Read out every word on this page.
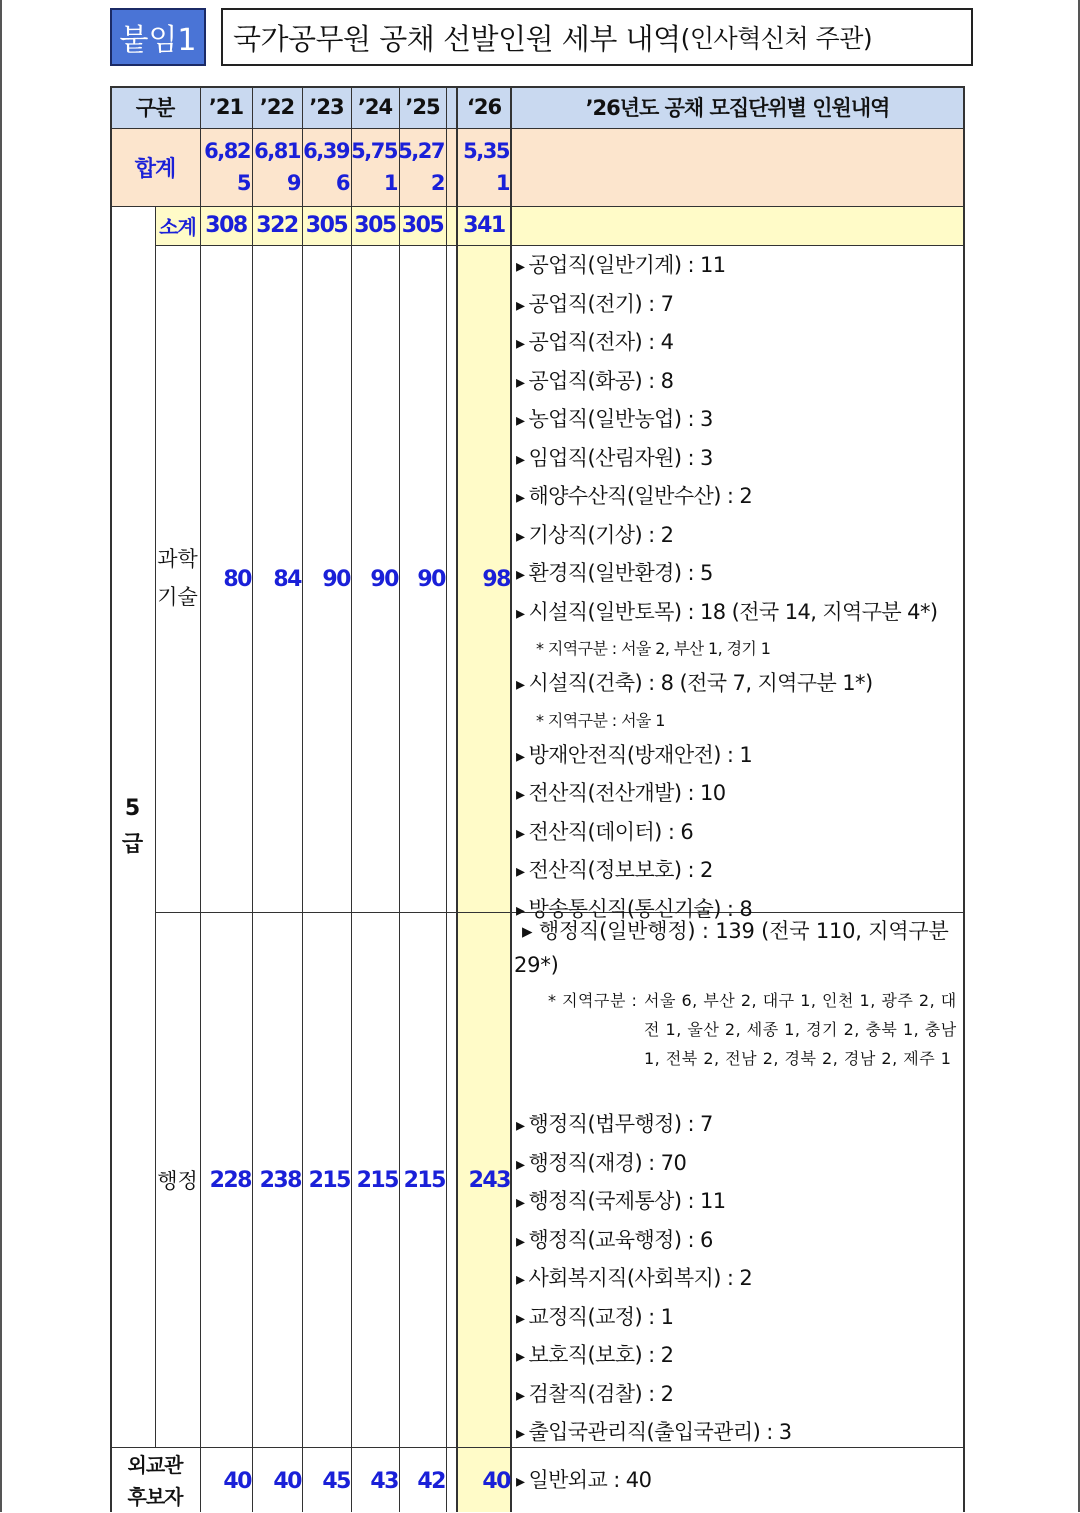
붙임1	국가공무원 공채 선발인원 세부 내역 (인사혁신처 주관)
구분	’21 ’22 ’23 ’24 ’25	‘26	’26년도 공채 모집단위별 인원내역
합계
6,82
5
6,81
9
6,39
6
5,75
1
5,27
2
5,35
1
5
급
소계 308 322 305 305 305 341
과학
기술
80	84 90 90 90	98
▸ 공업직(일반기계) : 11
▸ 공업직(전기) : 7
▸ 공업직(전자) : 4
▸ 공업직(화공) : 8
▸ 농업직(일반농업) : 3
▸ 임업직(산림자원) : 3
▸ 해양수산직(일반수산) : 2
▸ 기상직(기상) : 2
▸ 환경직(일반환경) : 5
▸ 시설직(일반토목) : 18 (전국 14, 지역구분 4*)
* 지역구분 : 서울 2, 부산 1, 경기 1
▸ 시설직(건축) : 8 (전국 7, 지역구분 1*)
* 지역구분 : 서울 1
▸ 방재안전직(방재안전) : 1
▸ 전산직(전산개발) : 10
▸ 전산직(데이터) : 6
▸ 전산직(정보보호) : 2
▸ 방송통신직(통신기술) : 8
행정 228 238 215 215 215	243
▸ 행정직(일반행정) : 139 (전국 110, 지역구분 29*)
* 지역구분 : 서울 6, 부산 2, 대구 1, 인천 1, 광주 2, 대전 1, 울산 2, 세종 1, 경기 2, 충북 1, 충남 1, 전북 2, 전남 2, 경북 2, 경남 2, 제주 1
▸ 행정직(법무행정) : 7
▸ 행정직(재경) : 70
▸ 행정직(국제통상) : 11
▸ 행정직(교육행정) : 6
▸ 사회복지직(사회복지) : 2
▸ 교정직(교정) : 1
▸ 보호직(보호) : 2
▸ 검찰직(검찰) : 2
▸ 출입국관리직(출입국관리) : 3
외교관
후보자
40	40 45 43 42	40
▸ 일반외교 : 40
